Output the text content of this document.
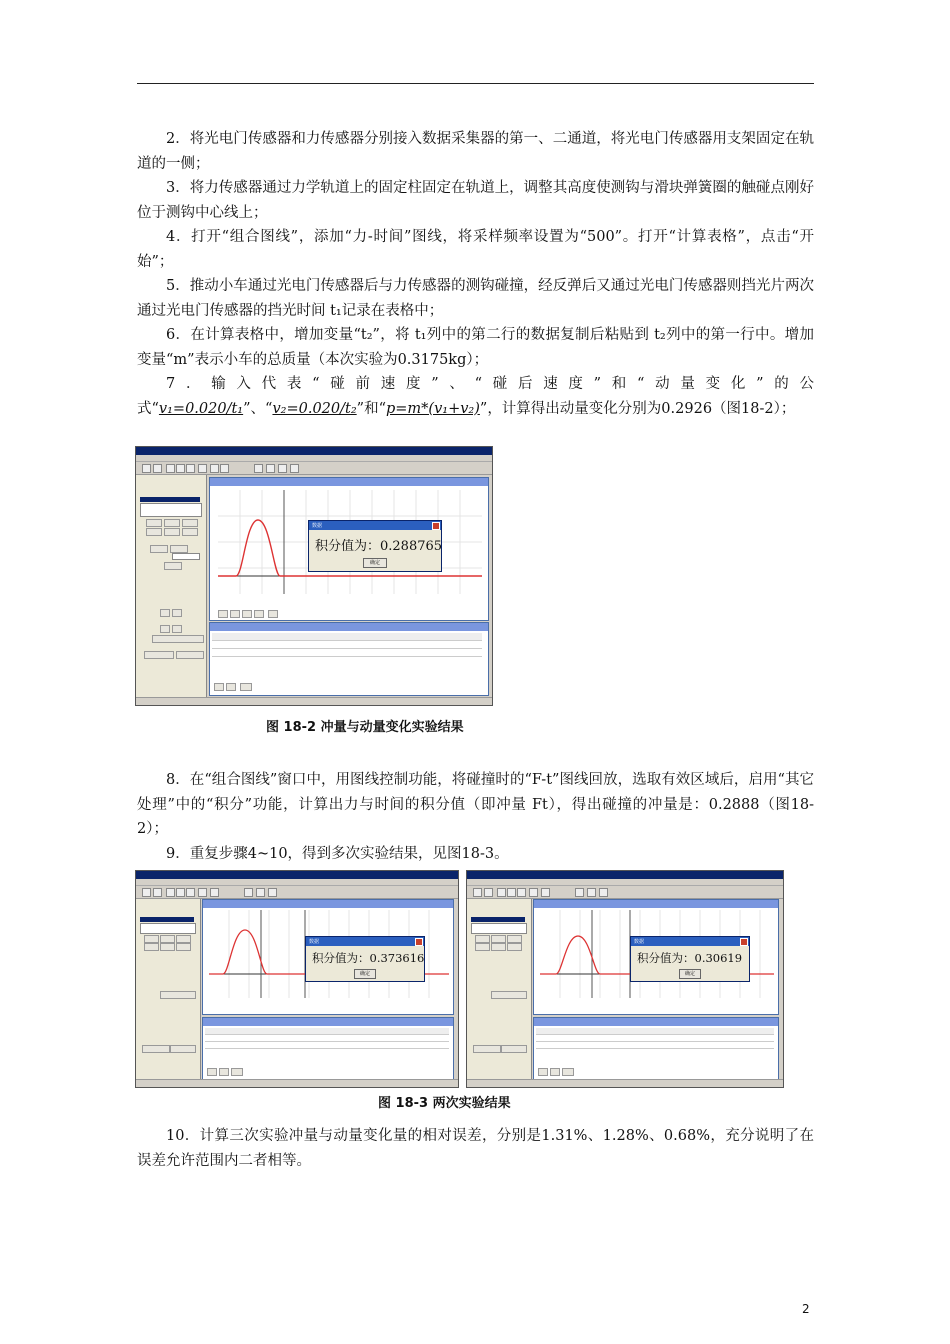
2．将光电门传感器和力传感器分别接入数据采集器的第一、二通道，将光电门传感器用支架固定在轨道的一侧；

3．将力传感器通过力学轨道上的固定柱固定在轨道上，调整其高度使测钩与滑块弹簧圈的触碰点刚好位于测钩中心线上；

4．打开“组合图线”，添加“力-时间”图线，将采样频率设置为“500”。打开“计算表格”，点击“开始”；

5．推动小车通过光电门传感器后与力传感器的测钩碰撞，经反弹后又通过光电门传感器则挡光片两次通过光电门传感器的挡光时间 t₁记录在表格中；

6．在计算表格中，增加变量“t₂”，将 t₁列中的第二行的数据复制后粘贴到 t₂列中的第一行中。增加变量“m”表示小车的总质量（本次实验为0.3175kg）；

7．输入代表“碰前速度”、“碰后速度”和“动量变化”的公式“v₁=0.020/t₁”、“v₂=0.020/t₂”和“p=m*(v₁+v₂)”，计算得出动量变化分别为0.2926（图18-2）；

数据
积分值为：0.288765
确定
图 18-2 冲量与动量变化实验结果

8．在“组合图线”窗口中，用图线控制功能，将碰撞时的“F-t”图线回放，选取有效区域后，启用“其它处理”中的“积分”功能，计算出力与时间的积分值（即冲量 Ft），得出碰撞的冲量是：0.2888（图18-2）；

9．重复步骤4~10，得到多次实验结果，见图18-3。

数据
积分值为：0.373616
确定
数据
积分值为：0.30619
确定
图 18-3 两次实验结果

10．计算三次实验冲量与动量变化量的相对误差，分别是1.31%、1.28%、0.68%，充分说明了在误差允许范围内二者相等。

2
